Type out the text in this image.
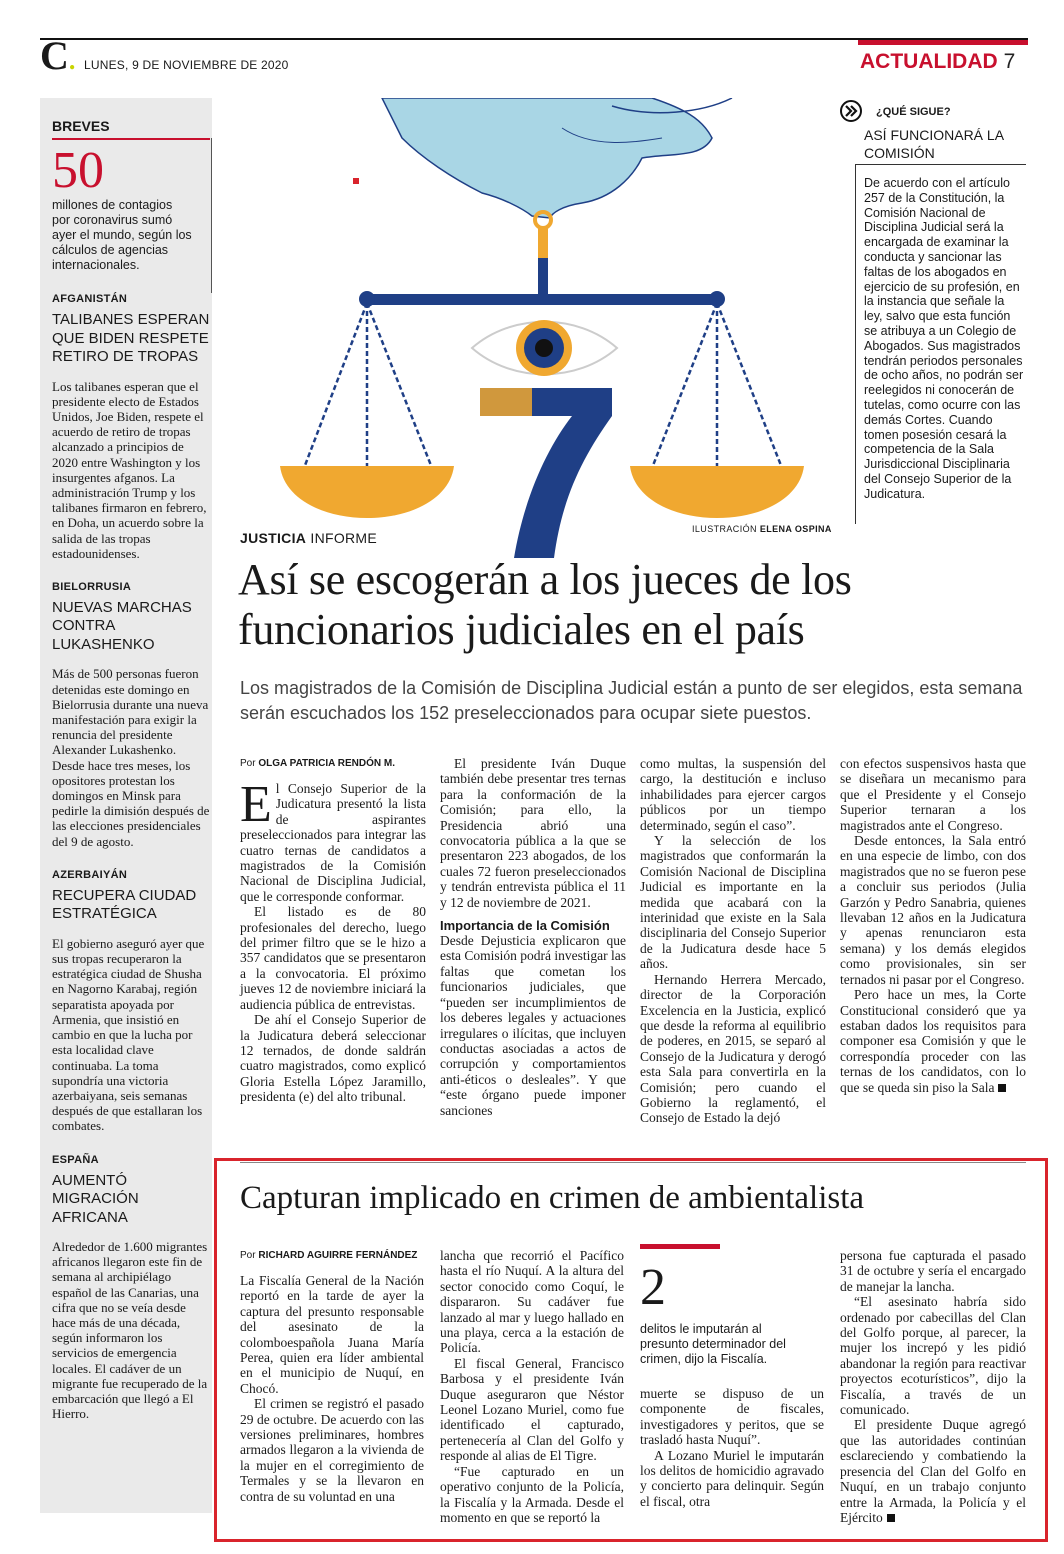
C. LUNES, 9 DE NOVIEMBRE DE 2020	ACTUALIDAD 7
BREVES
50
millones de contagios por coronavirus sumó ayer el mundo, según los cálculos de agencias internacionales.
AFGANISTÁN
TALIBANES ESPERAN QUE BIDEN RESPETE RETIRO DE TROPAS
Los talibanes esperan que el presidente electo de Estados Unidos, Joe Biden, respete el acuerdo de retiro de tropas alcanzado a principios de 2020 entre Washington y los insurgentes afganos. La administración Trump y los talibanes firmaron en febrero, en Doha, un acuerdo sobre la salida de las tropas estadounidenses.
BIELORRUSIA
NUEVAS MARCHAS CONTRA LUKASHENKO
Más de 500 personas fueron detenidas este domingo en Bielorrusia durante una nueva manifestación para exigir la renuncia del presidente Alexander Lukashenko. Desde hace tres meses, los opositores protestan los domingos en Minsk para pedirle la dimisión después de las elecciones presidenciales del 9 de agosto.
AZERBAIYÁN
RECUPERA CIUDAD ESTRATÉGICA
El gobierno aseguró ayer que sus tropas recuperaron la estratégica ciudad de Shusha en Nagorno Karabaj, región separatista apoyada por Armenia, que insistió en cambio en que la lucha por esta localidad clave continuaba. La toma supondría una victoria azerbaiyana, seis semanas después de que estallaran los combates.
ESPAÑA
AUMENTÓ MIGRACIÓN AFRICANA
Alrededor de 1.600 migrantes africanos llegaron este fin de semana al archipiélago español de las Canarias, una cifra que no se veía desde hace más de una década, según informaron los servicios de emergencia locales. El cadáver de un migrante fue recuperado de la embarcación que llegó a El Hierro.
ILUSTRACIÓN ELENA OSPINA
¿QUÉ SIGUE?
ASÍ FUNCIONARÁ LA COMISIÓN
De acuerdo con el artículo 257 de la Constitución, la Comisión Nacional de Disciplina Judicial será la encargada de examinar la conducta y sancionar las faltas de los abogados en ejercicio de su profesión, en la instancia que señale la ley, salvo que esta función se atribuya a un Colegio de Abogados. Sus magistrados tendrán periodos personales de ocho años, no podrán ser reelegidos ni conocerán de tutelas, como ocurre con las demás Cortes. Cuando tomen posesión cesará la competencia de la Sala Jurisdiccional Disciplinaria del Consejo Superior de la Judicatura.
JUSTICIA INFORME
Así se escogerán a los jueces de los funcionarios judiciales en el país
Los magistrados de la Comisión de Disciplina Judicial están a punto de ser elegidos, esta semana serán escuchados los 152 preseleccionados para ocupar siete puestos.
Por OLGA PATRICIA RENDÓN M.
E l Consejo Superior de la Judicatura presentó la lista de aspirantes preseleccionados para integrar las cuatro ternas de candidatos a magistrados de la Comisión Nacional de Disciplina Judicial, que le corresponde conformar.

El listado es de 80 profesionales del derecho, luego del primer filtro que se le hizo a 357 candidatos que se presentaron a la convocatoria. El próximo jueves 12 de noviembre iniciará la audiencia pública de entrevistas.

De ahí el Consejo Superior de la Judicatura deberá seleccionar 12 ternados, de donde saldrán cuatro magistrados, como explicó Gloria Estella López Jaramillo, presidenta (e) del alto tribunal.

El presidente Iván Duque también debe presentar tres ternas para la conformación de la Comisión; para ello, la Presidencia abrió una convocatoria pública a la que se presentaron 223 abogados, de los cuales 72 fueron preseleccionados y tendrán entrevista pública el 11 y 12 de noviembre de 2021.

Importancia de la Comisión

Desde Dejusticia explicaron que esta Comisión podrá investigar las faltas que cometan los funcionarios judiciales, que “pueden ser incumplimientos de los deberes legales y actuaciones irregulares o ilícitas, que incluyen conductas asociadas a actos de corrupción y comportamientos anti-éticos o desleales”. Y que “este órgano puede imponer sanciones

como multas, la suspensión del cargo, la destitución e incluso inhabilidades para ejercer cargos públicos por un tiempo determinado, según el caso”.

Y la selección de los magistrados que conformarán la Comisión Nacional de Disciplina Judicial es importante en la medida que acabará con la interinidad que existe en la Sala disciplinaria del Consejo Superior de la Judicatura desde hace 5 años.

Hernando Herrera Mercado, director de la Corporación Excelencia en la Justicia, explicó que desde la reforma al equilibrio de poderes, en 2015, se separó al Consejo de la Judicatura y derogó esta Sala para convertirla en la Comisión; pero cuando el Gobierno la reglamentó, el Consejo de Estado la dejó

con efectos suspensivos hasta que se diseñara un mecanismo para que el Presidente y el Consejo Superior ternaran a los magistrados ante el Congreso.

Desde entonces, la Sala entró en una especie de limbo, con dos magistrados que no se fueron pese a concluir sus periodos (Julia Garzón y Pedro Sanabria, quienes llevaban 12 años en la Judicatura y apenas renunciaron esta semana) y los demás elegidos como provisionales, sin ser ternados ni pasar por el Congreso.

Pero hace un mes, la Corte Constitucional consideró que ya estaban dados los requisitos para componer esa Comisión y que le correspondía proceder con las ternas de los candidatos, con lo que se queda sin piso la Sala

Capturan implicado en crimen de ambientalista
Por RICHARD AGUIRRE FERNÁNDEZ

La Fiscalía General de la Nación reportó en la tarde de ayer la captura del presunto responsable del asesinato de la colomboespañola Juana María Perea, quien era líder ambiental en el municipio de Nuquí, en Chocó.

El crimen se registró el pasado 29 de octubre. De acuerdo con las versiones preliminares, hombres armados llegaron a la vivienda de la mujer en el corregimiento de Termales y se la llevaron en contra de su voluntad en una

lancha que recorrió el Pacífico hasta el río Nuquí. A la altura del sector conocido como Coquí, le dispararon. Su cadáver fue lanzado al mar y luego hallado en una playa, cerca a la estación de Policía.

El fiscal General, Francisco Barbosa y el presidente Iván Duque aseguraron que Néstor Leonel Lozano Muriel, como fue identificado el capturado, pertenecería al Clan del Golfo y responde al alias de El Tigre.

“Fue capturado en un operativo conjunto de la Policía, la Fiscalía y la Armada. Desde el momento en que se reportó la

2
delitos le imputarán al presunto determinador del crimen, dijo la Fiscalía.

muerte se dispuso de un componente de fiscales, investigadores y peritos, que se trasladó hasta Nuquí”.

A Lozano Muriel le imputarán los delitos de homicidio agravado y concierto para delinquir. Según el fiscal, otra

persona fue capturada el pasado 31 de octubre y sería el encargado de manejar la lancha.

“El asesinato habría sido ordenado por cabecillas del Clan del Golfo porque, al parecer, la mujer los increpó y les pidió abandonar la región para reactivar proyectos ecoturísticos”, dijo la Fiscalía, a través de un comunicado.

El presidente Duque agregó que las autoridades continúan esclareciendo y combatiendo la presencia del Clan del Golfo en Nuquí, en un trabajo conjunto entre la Armada, la Policía y el Ejército
